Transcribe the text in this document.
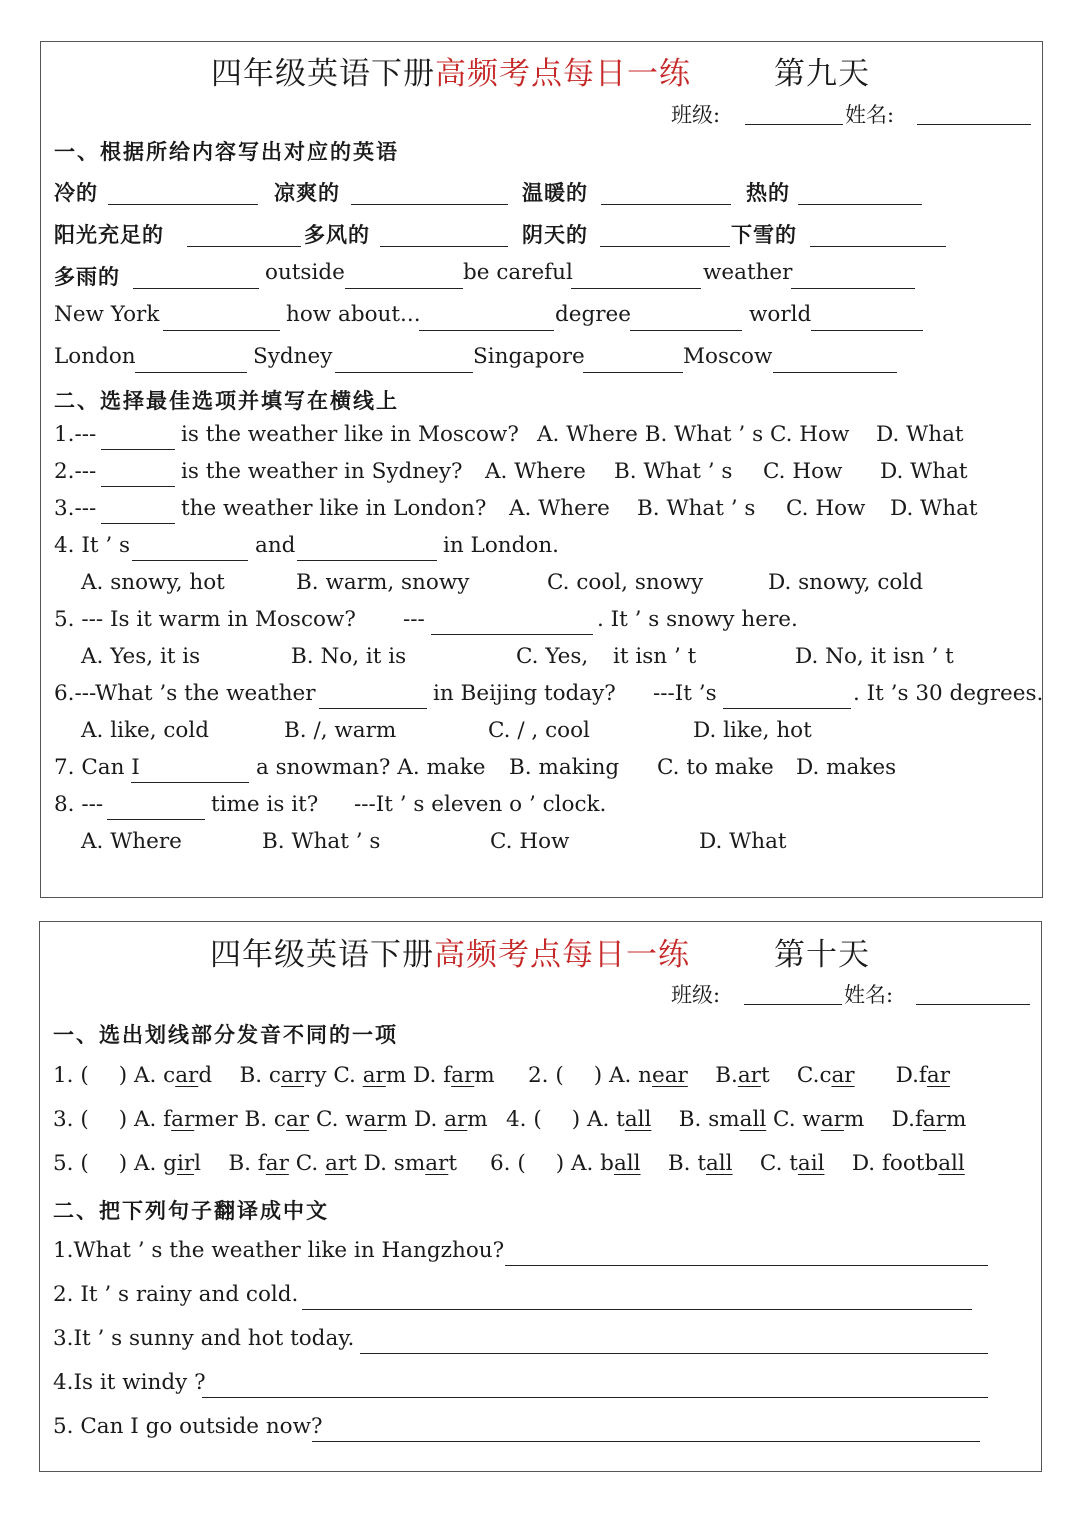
四年级英语下册高频考点每日一练	第九天
班级:	姓名:
一、根据所给内容写出对应的英语
冷的	凉爽的	温暖的	热的
阳光充足的	多风的	阴天的	下雪的
多雨的	outside	be careful	weather
New York	how about...	degree	world
London	Sydney	Singapore	Moscow
二、选择最佳选项并填写在横线上
1.---	is the weather like in Moscow? A. Where B. What ’ s C. How D. What
2.---	is the weather in Sydney? A. Where B. What ’ s C. How D. What
3.---	the weather like in London? A. Where B. What ’ s C. How D. What
4. It ’ s	and	in London.
A. snowy, hot	B. warm, snowy	C. cool, snowy	D. snowy, cold
5. --- Is it warm in Moscow? ---	. It ’ s snowy here.
A. Yes, it is	B. No, it is	C. Yes, it isn ’ t	D. No, it isn ’ t
6.---What ’s the weather	in Beijing today? ---It ’s	. It ’s 30 degrees.
A. like, cold	B. /, warm	C. / , cool	D. like, hot
7. Can I	a snowman? A. make B. making C. to make D. makes
8. ---	time is it? ---It ’ s eleven o ’ clock.
A. Where	B. What ’ s	C. How	D. What
四年级英语下册高频考点每日一练	第十天
班级:	姓名:
一、选出划线部分发音不同的一项
1. ( ) A. card B. carry C. arm D. farm 2. ( ) A. near B.art C.car D.far
3. ( ) A. farmer B. car C. warm D. arm 4. ( ) A. tall B. small C. warm D.farm
5. ( ) A. girl B. far C. art D. smart 6. ( ) A. ball B. tall C. tail D. football
二、把下列句子翻译成中文
1.What ’ s the weather like in Hangzhou?
2. It ’ s rainy and cold.
3.It ’ s sunny and hot today.
4.Is it windy ?
5. Can I go outside now?
